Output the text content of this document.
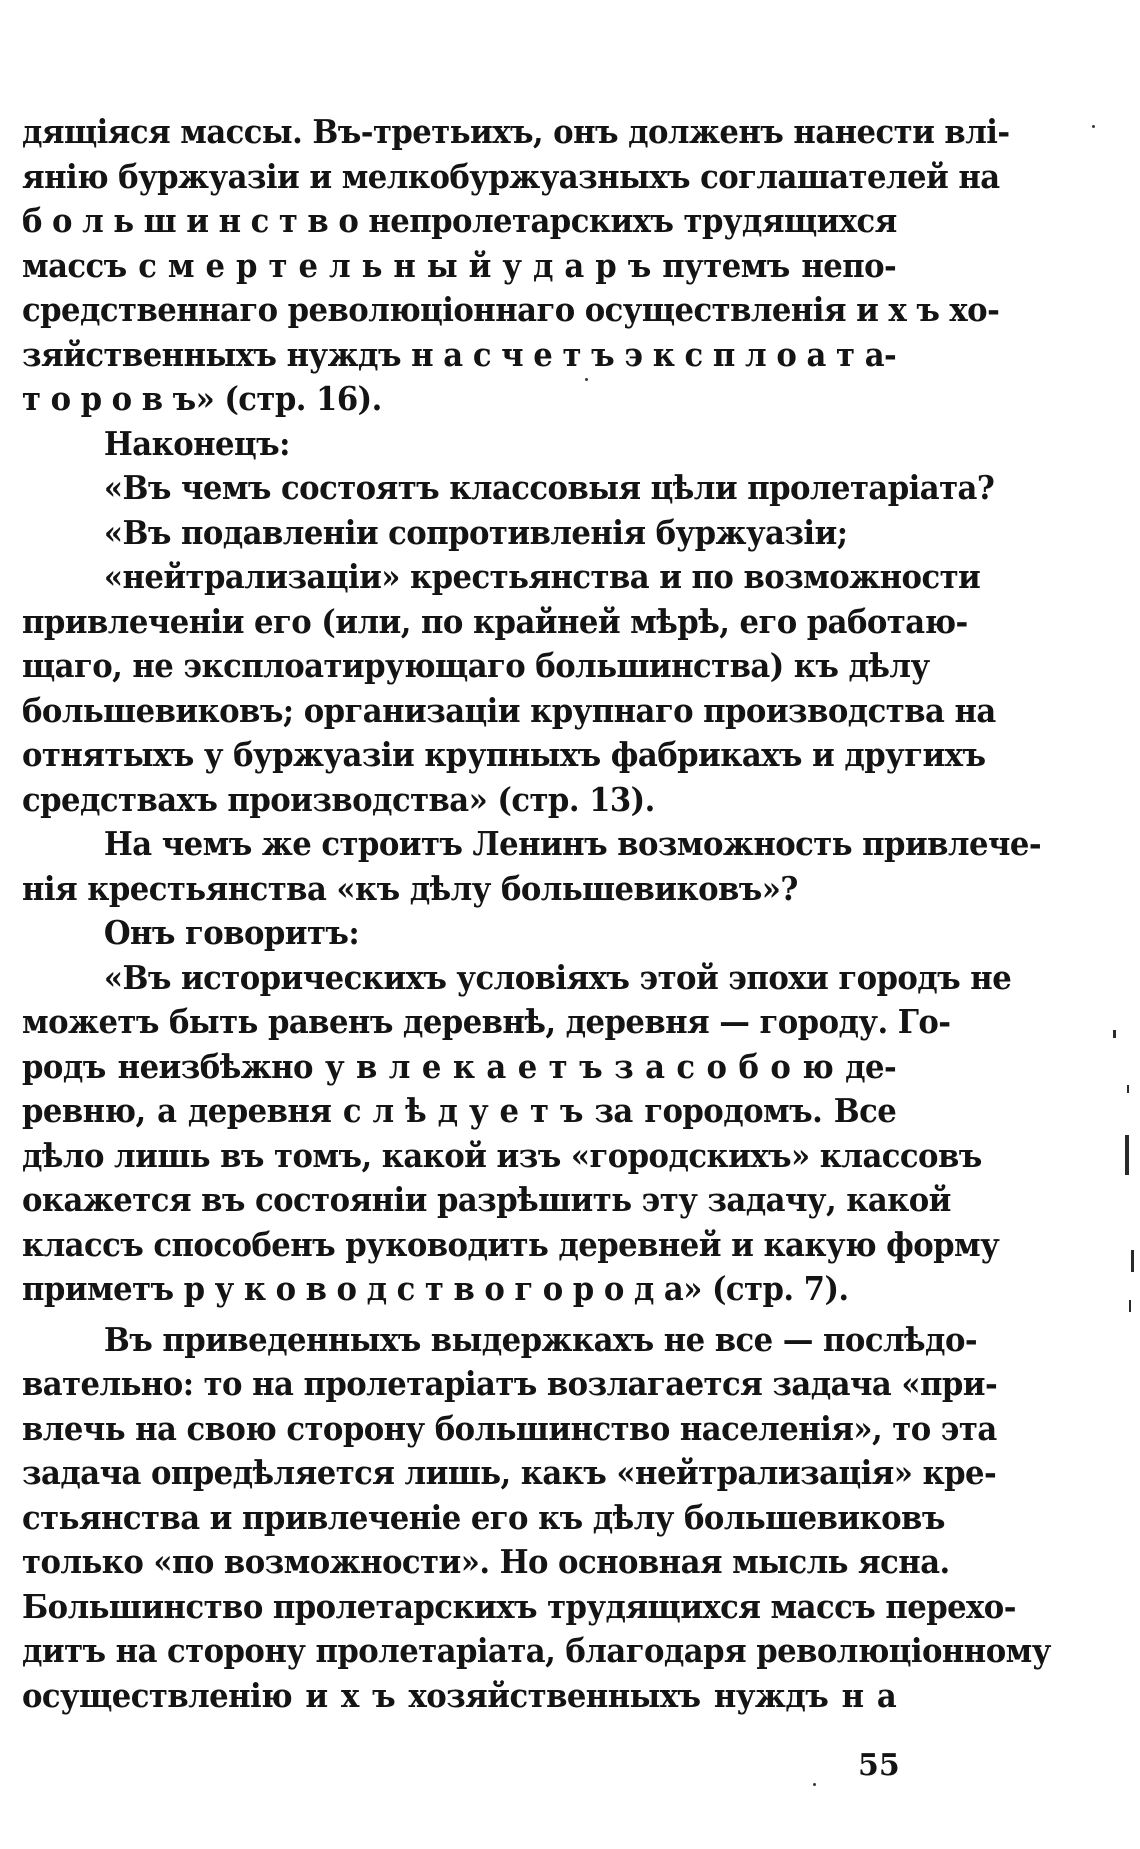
дящіяся массы. Въ-третьихъ, онъ долженъ нанести влі-
янію буржуазіи и мелкобуржуазныхъ соглашателей на
б о л ь ш и н с т в о непролетарскихъ трудящихся
массъ с м е р т е л ь н ы й у д а р ъ путемъ непо-
средственнаго революціоннаго осуществленія и х ъ хо-
зяйственныхъ нуждъ н а с ч е т ъ э к с п л о а т а-
т о р о в ъ» (стр. 16).
Наконецъ:
«Въ чемъ состоятъ классовыя цѣли пролетаріата?
«Въ подавленіи сопротивленія буржуазіи;
«нейтрализаціи» крестьянства и по возможности
привлеченіи его (или, по крайней мѣрѣ, его работаю-
щаго, не эксплоатирующаго большинства) къ дѣлу
большевиковъ; организаціи крупнаго производства на
отнятыхъ у буржуазіи крупныхъ фабрикахъ и другихъ
средствахъ производства» (стр. 13).
На чемъ же строитъ Ленинъ возможность привлече-
нія крестьянства «къ дѣлу большевиковъ»?
Онъ говоритъ:
«Въ историческихъ условіяхъ этой эпохи городъ не
можетъ быть равенъ деревнѣ, деревня — городу. Го-
родъ неизбѣжно у в л е к а е т ъ з а с о б о ю де-
ревню, а деревня с л ѣ д у е т ъ за городомъ. Все
дѣло лишь въ томъ, какой изъ «городскихъ» классовъ
окажется въ состояніи разрѣшить эту задачу, какой
классъ способенъ руководить деревней и какую форму
приметъ р у к о в о д с т в о г о р о д а» (стр. 7).
Въ приведенныхъ выдержкахъ не все — послѣдо-
вательно: то на пролетаріатъ возлагается задача «при-
влечь на свою сторону большинство населенія», то эта
задача опредѣляется лишь, какъ «нейтрализація» кре-
стьянства и привлеченіе его къ дѣлу большевиковъ
только «по возможности». Но основная мысль ясна.
Большинство пролетарскихъ трудящихся массъ перехо-
дитъ на сторону пролетаріата, благодаря революціонному
осуществленію и х ъ хозяйственныхъ нуждъ н а
55
